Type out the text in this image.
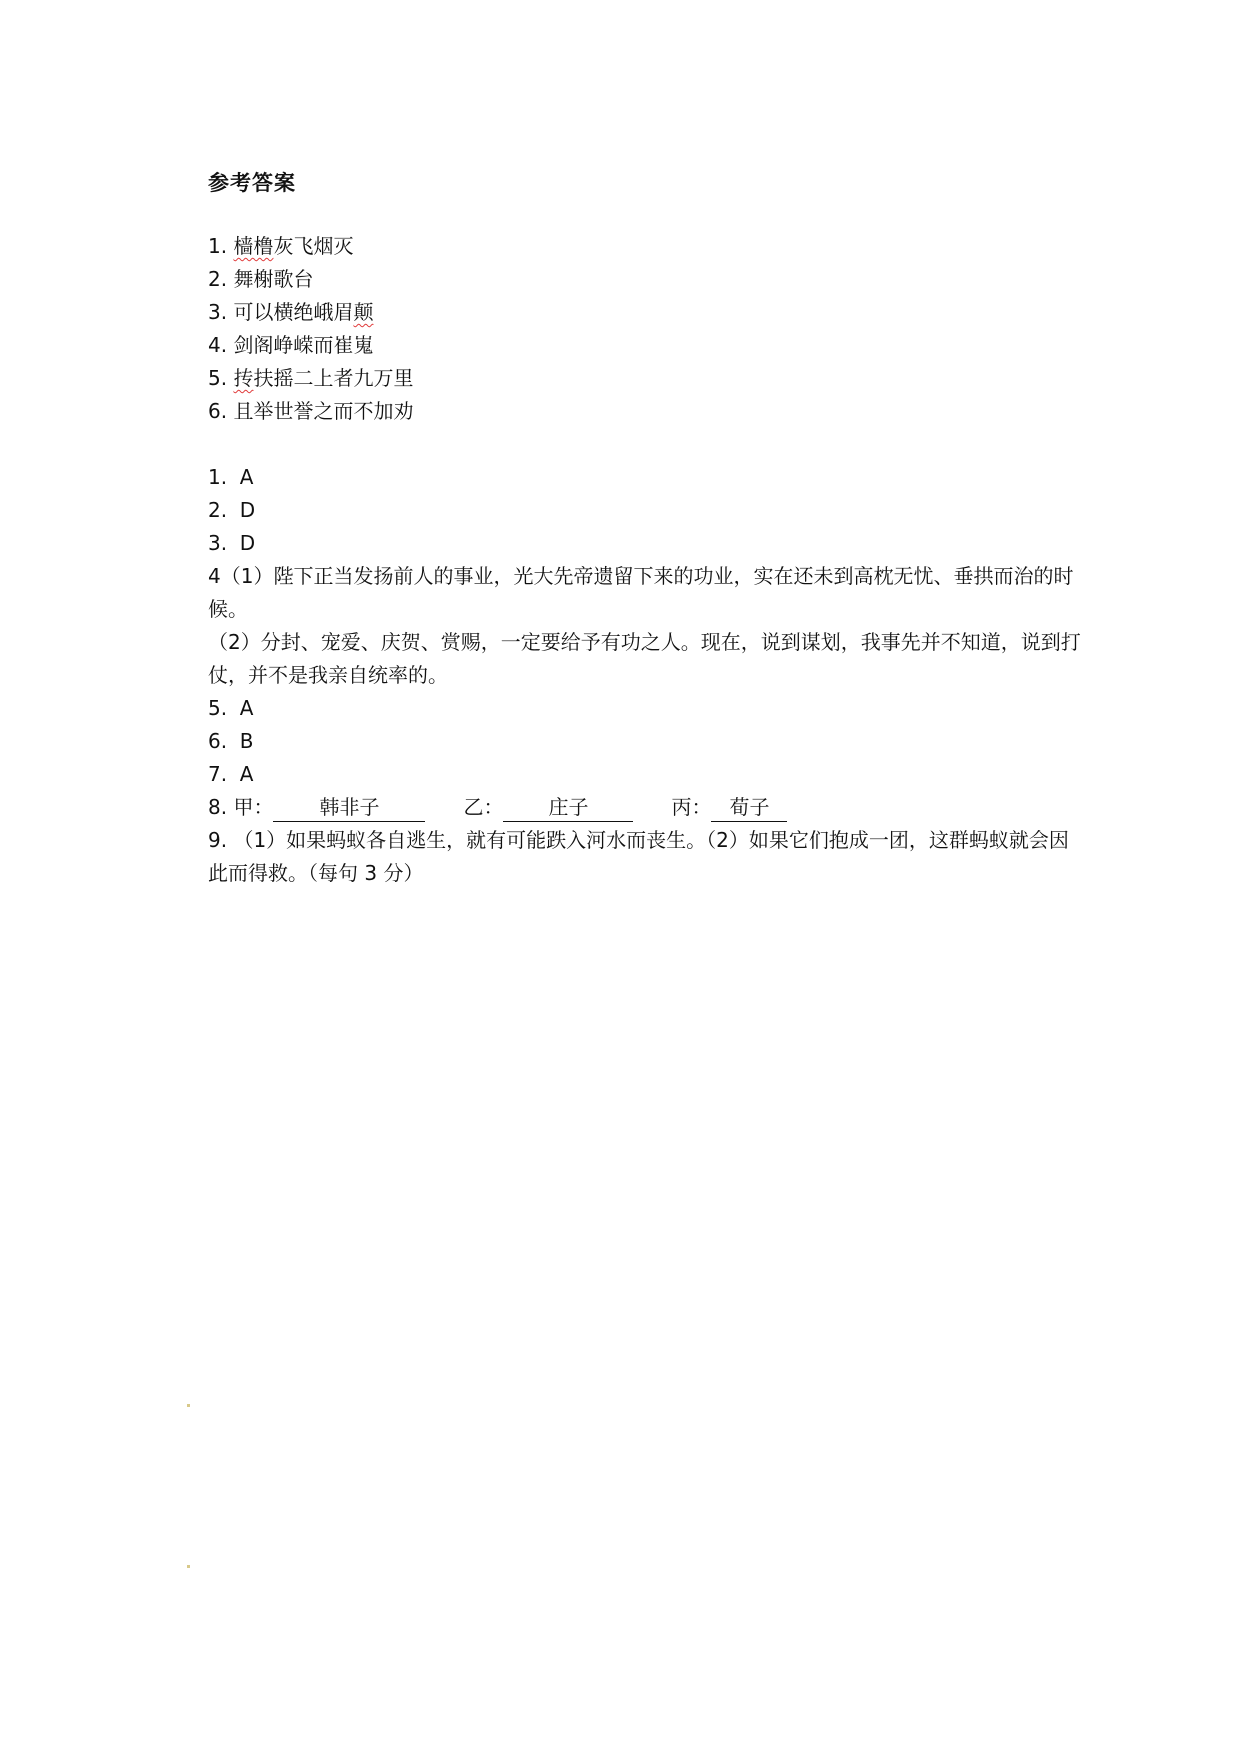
参考答案
1. 樯橹灰飞烟灭
2. 舞榭歌台
3. 可以横绝峨眉颠
4. 剑阁峥嵘而崔嵬
5. 抟扶摇二上者九万里
6. 且举世誉之而不加劝
1.  A
2.  D
3.  D
4（1）陛下正当发扬前人的事业，光大先帝遗留下来的功业，实在还未到高枕无忧、垂拱而治的时候。
（2）分封、宠爱、庆贺、赏赐，一定要给予有功之人。现在，说到谋划，我事先并不知道，说到打仗，并不是我亲自统率的。
5.  A
6.  B
7.  A
8. 甲： 韩非子	乙： 庄子	丙： 荀子
9. （1）如果蚂蚁各自逃生，就有可能跌入河水而丧生。（2）如果它们抱成一团，这群蚂蚁就会因此而得救。（每句 3 分）
